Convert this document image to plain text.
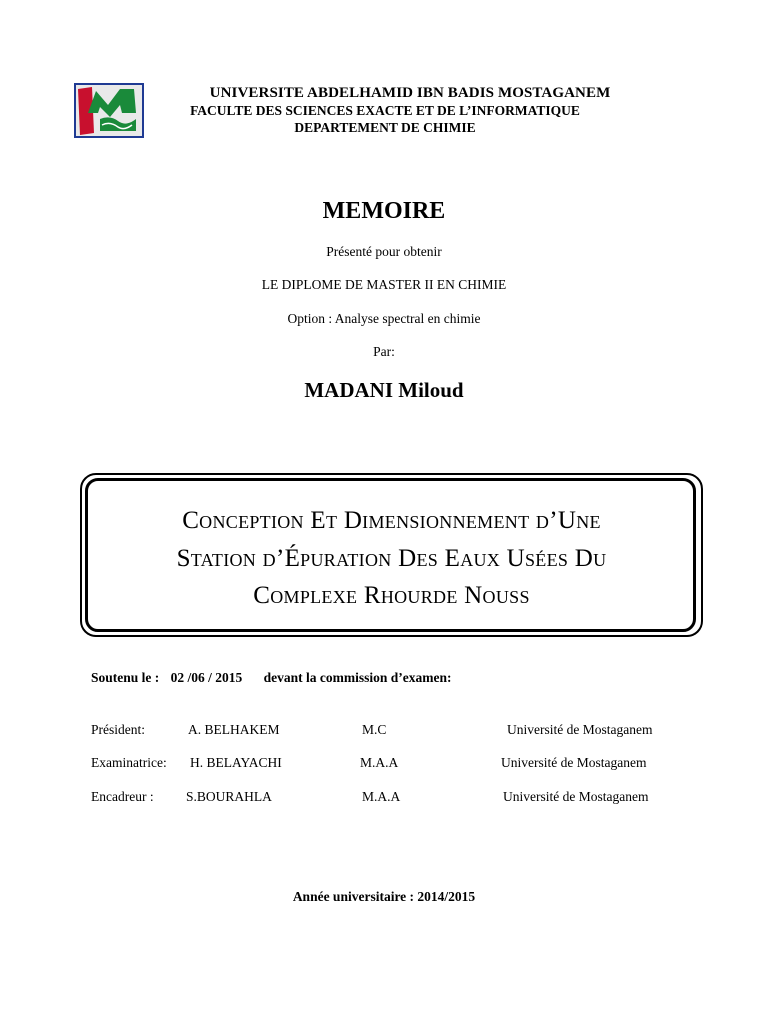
UNIVERSITE ABDELHAMID IBN BADIS MOSTAGANEM
FACULTE DES SCIENCES EXACTE ET DE L’INFORMATIQUE
DEPARTEMENT DE CHIMIE
MEMOIRE
Présenté pour obtenir
LE DIPLOME DE MASTER II EN CHIMIE
Option : Analyse spectral en chimie
Par:
MADANI Miloud
Conception Et Dimensionnement d’Une
Station d’Épuration Des Eaux Usées Du
Complexe Rhourde Nouss
Soutenu le : 02 /06 / 2015 devant la commission d’examen:
Président:	A. BELHAKEM	M.C	Université de Mostaganem
Examinatrice: H. BELAYACHI	M.A.A	Université de Mostaganem
Encadreur : S.BOURAHLA	M.A.A	Université de Mostaganem
Année universitaire : 2014/2015
